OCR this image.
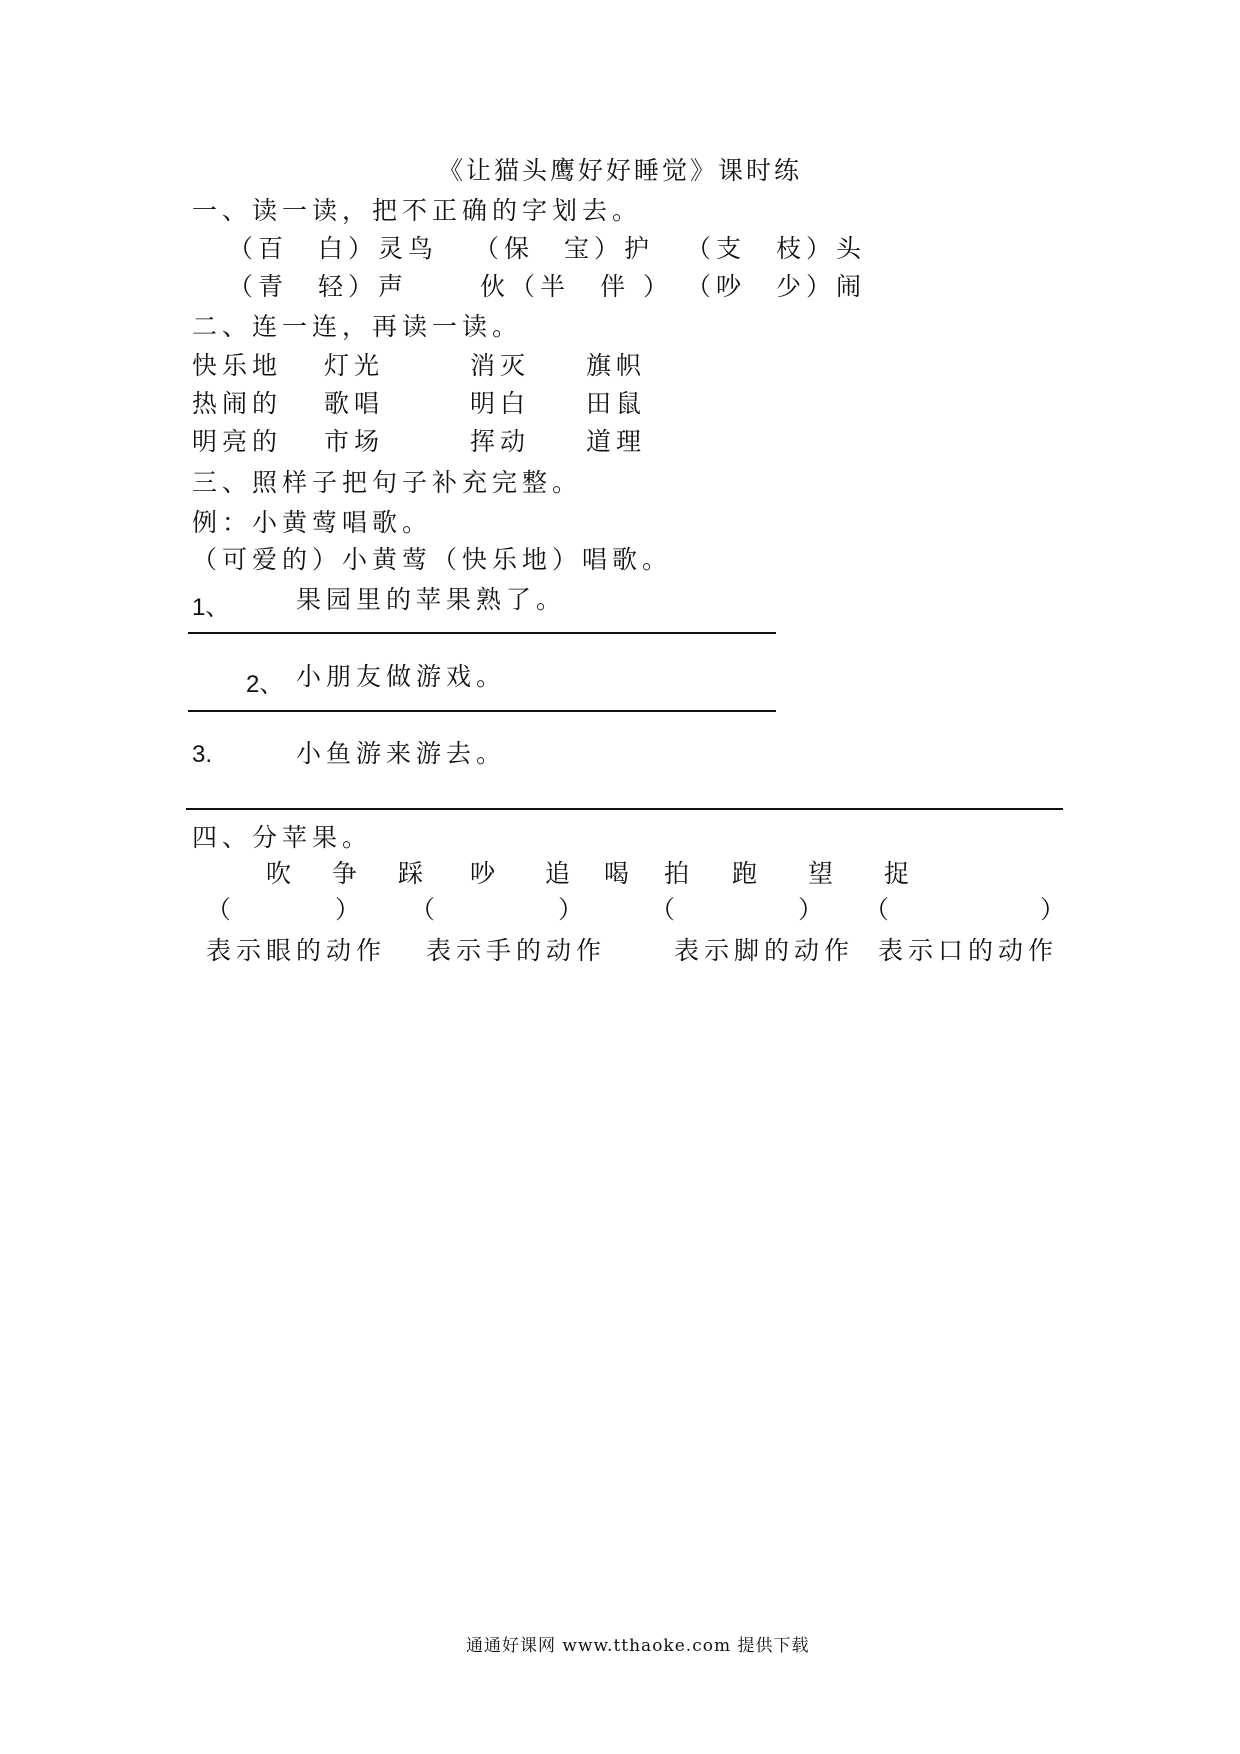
《让猫头鹰好好睡觉》课时练
一、读一读，把不正确的字划去。
（百　白）灵鸟 （保　宝）护 （支　枝）头
（青　轻）声	伙（半　伴 ） （吵　少）闹
二、连一连，再读一读。
快乐地 灯光	消灭 旗帜
热闹的 歌唱	明白 田鼠
明亮的 市场	挥动 道理
三、照样子把句子补充完整。
例：小黄莺唱歌。
（可爱的）小黄莺（快乐地）唱歌。
1、	果园里的苹果熟了。
2、 小朋友做游戏。
3.	小鱼游来游去。
四、分苹果。
吹 争 踩 吵 追 喝 拍 跑 望 捉
（	） （	） （	） （	）
表示眼的动作 表示手的动作	表示脚的动作 表示口的动作
通通好课网 www.tthaoke.com 提供下载
